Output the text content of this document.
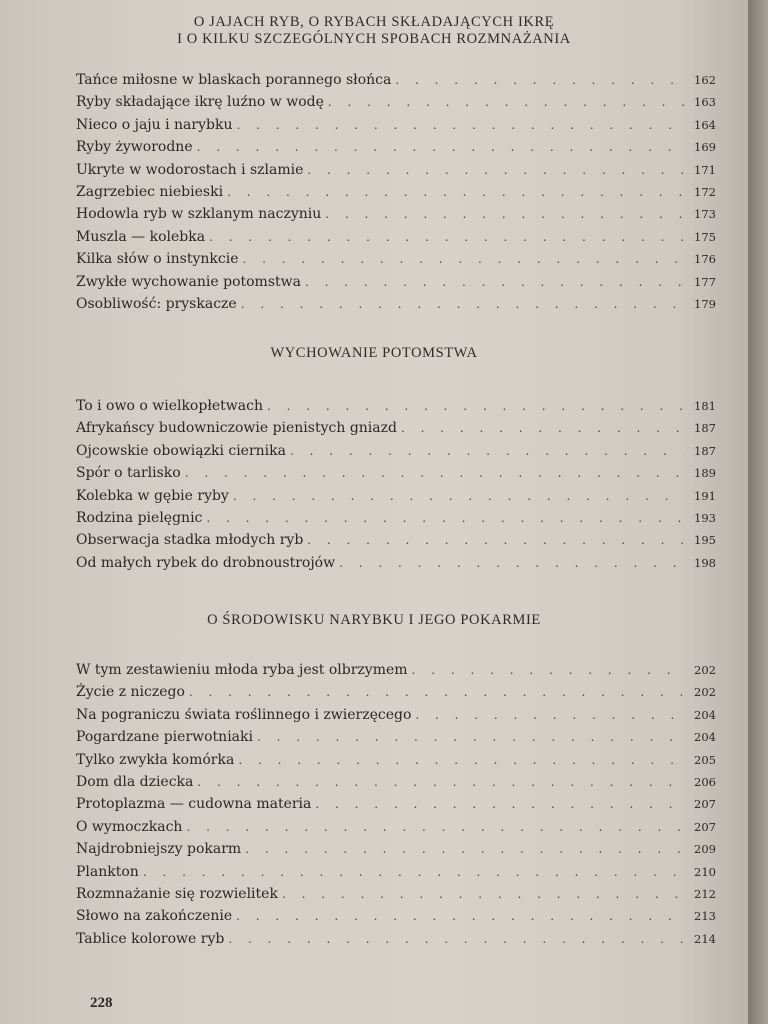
O JAJACH RYB, O RYBACH SKŁADAJĄCYCH IKRĘ
I O KILKU SZCZEGÓLNYCH SPOBACH ROZMNAŻANIA
Tańce miłosne w blaskach porannego słońca . . .	162
Ryby składające ikrę luźno w wodę . . .	163
Nieco o jaju i narybku . . .	164
Ryby żyworodne . . .	169
Ukryte w wodorostach i szlamie . . .	171
Zagrzebiec niebieski . . .	172
Hodowla ryb w szklanym naczyniu . . .	173
Muszla — kolebka . . .	175
Kilka słów o instynkcie . . .	176
Zwykłe wychowanie potomstwa . . .	177
Osobliwość: pryskacze . . .	179
WYCHOWANIE POTOMSTWA
To i owo o wielkopłetwach . . .	181
Afrykańscy budowniczowie pienistych gniazd . . .	187
Ojcowskie obowiązki ciernika . . .	187
Spór o tarlisko . . .	189
Kolebka w gębie ryby . . .	191
Rodzina pielęgnic . . .	193
Obserwacja stadka młodych ryb . . .	195
Od małych rybek do drobnoustrojów . . .	198
O ŚRODOWISKU NARYBKU I JEGO POKARMIE
W tym zestawieniu młoda ryba jest olbrzymem . . .	202
Życie z niczego . . .	202
Na pograniczu świata roślinnego i zwierzęcego . . .	204
Pogardzane pierwotniaki . . .	204
Tylko zwykła komórka . . .	205
Dom dla dziecka . . .	206
Protoplazma — cudowna materia . . .	207
O wymoczkach . . .	207
Najdrobniejszy pokarm . . .	209
Plankton . . .	210
Rozmnażanie się rozwielitek . . .	212
Słowo na zakończenie . . .	213
Tablice kolorowe ryb . . .	214
228
